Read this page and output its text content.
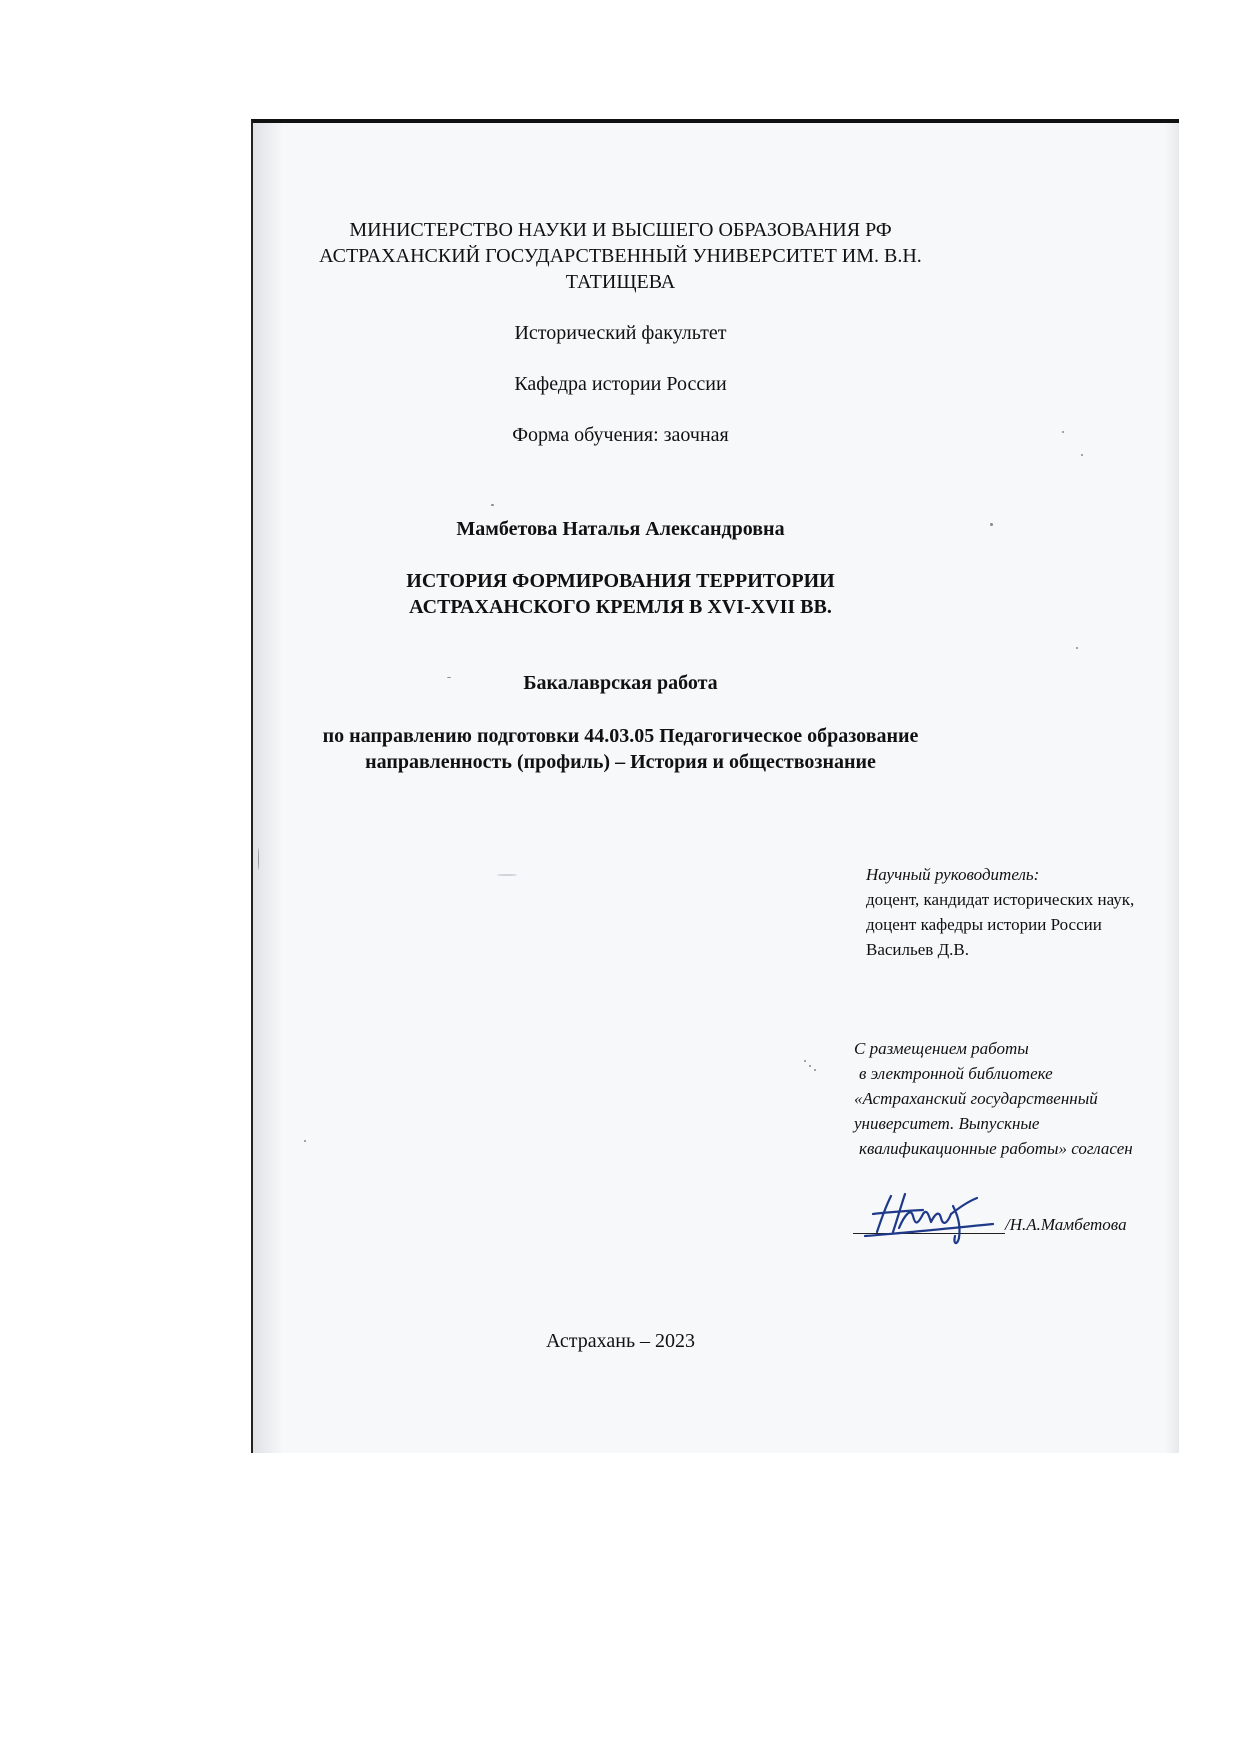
МИНИСТЕРСТВО НАУКИ И ВЫСШЕГО ОБРАЗОВАНИЯ РФ
АСТРАХАНСКИЙ ГОСУДАРСТВЕННЫЙ УНИВЕРСИТЕТ ИМ. В.Н.
ТАТИЩЕВА
Исторический факультет
Кафедра истории России
Форма обучения: заочная
Мамбетова Наталья Александровна
ИСТОРИЯ ФОРМИРОВАНИЯ ТЕРРИТОРИИ
АСТРАХАНСКОГО КРЕМЛЯ В XVI-XVII ВВ.
Бакалаврская работа
по направлению подготовки 44.03.05 Педагогическое образование
направленность (профиль) – История и обществознание
Научный руководитель:
доцент, кандидат исторических наук,
доцент кафедры истории России
Васильев Д.В.
С размещением работы
в электронной библиотеке
«Астраханский государственный
университет. Выпускные
квалификационные работы» согласен
/Н.А.Мамбетова
Астрахань – 2023
